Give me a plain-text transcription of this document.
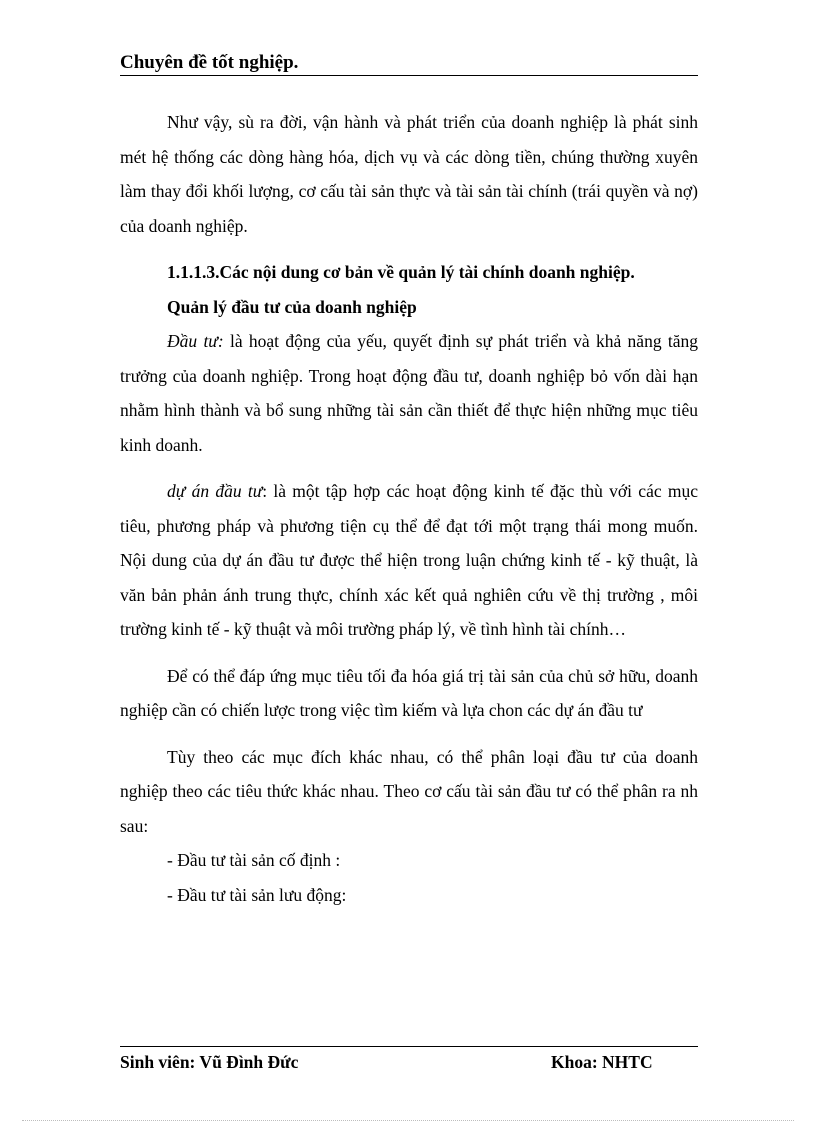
Chuyên đề tốt nghiệp.

Như vậy, sù ra đời, vận hành và phát triển của doanh nghiệp là phát sinh mét hệ thống các dòng hàng hóa, dịch vụ và các dòng tiền, chúng thường xuyên làm thay đổi khối lượng, cơ cấu tài sản thực và tài sản tài chính (trái quyền và nợ) của doanh nghiệp.

1.1.1.3.Các nội dung cơ bản về quản lý tài chính doanh nghiệp.

Quản lý đầu tư của doanh nghiệp

Đầu tư: là hoạt động của yếu, quyết định sự phát triển và khả năng tăng trưởng của doanh nghiệp. Trong hoạt động đầu tư, doanh nghiệp bỏ vốn dài hạn nhằm hình thành và bổ sung những tài sản cần thiết để thực hiện những mục tiêu kinh doanh.

dự án đầu tư: là một tập hợp các hoạt động kinh tế đặc thù với các mục tiêu, phương pháp và phương tiện cụ thể để đạt tới một trạng thái mong muốn. Nội dung của dự án đầu tư được thể hiện trong luận chứng kinh tế - kỹ thuật, là văn bản phản ánh trung thực, chính xác kết quả nghiên cứu về thị trường , môi trường kinh tế - kỹ thuật và môi trường pháp lý, về tình hình tài chính…

Để có thể đáp ứng mục tiêu tối đa hóa giá trị tài sản của chủ sở hữu, doanh nghiệp cần có chiến lược trong việc tìm kiếm và lựa chon các dự án đầu tư

Tùy theo các mục đích khác nhau, có thể phân loại đầu tư của doanh nghiệp theo các tiêu thức khác nhau. Theo cơ cấu tài sản đầu tư có thể phân ra nh sau:

- Đầu tư tài sản cố định :

- Đầu tư tài sản lưu động:

Sinh viên: Vũ Đình Đức	Khoa: NHTC
